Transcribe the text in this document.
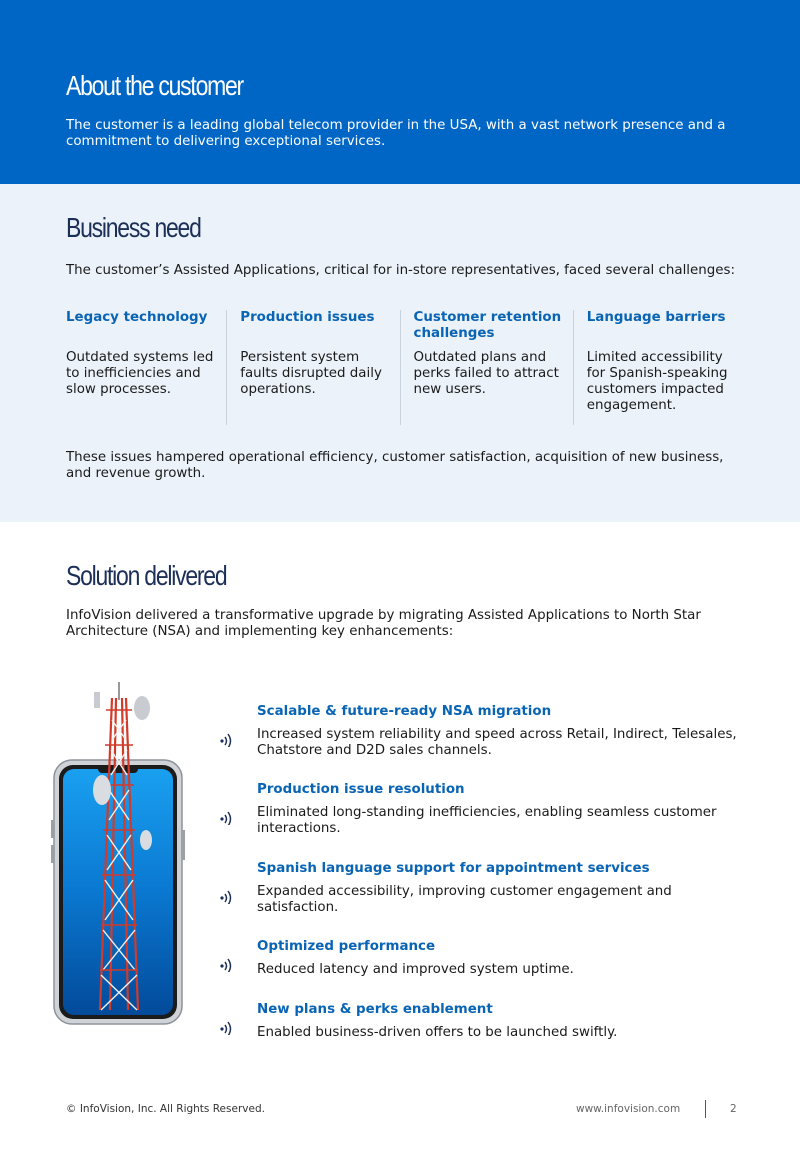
About the customer

The customer is a leading global telecom provider in the USA, with a vast network presence and a commitment to delivering exceptional services.

Business need

The customer’s Assisted Applications, critical for in-store representatives, faced several challenges:

Legacy technology
Outdated systems led to inefficiencies and slow processes.
Production issues
Persistent system faults disrupted daily operations.
Customer retention challenges
Outdated plans and perks failed to attract new users.
Language barriers
Limited accessibility for Spanish-speaking customers impacted engagement.

These issues hampered operational efficiency, customer satisfaction, acquisition of new business, and revenue growth.

Solution delivered

InfoVision delivered a transformative upgrade by migrating Assisted Applications to North Star Architecture (NSA) and implementing key enhancements:

Scalable & future-ready NSA migration
Increased system reliability and speed across Retail, Indirect, Telesales, Chatstore and D2D sales channels.
Production issue resolution
Eliminated long-standing inefficiencies, enabling seamless customer interactions.
Spanish language support for appointment services
Expanded accessibility, improving customer engagement and satisfaction.
Optimized performance
Reduced latency and improved system uptime.
New plans & perks enablement
Enabled business-driven offers to be launched swiftly.
© InfoVision, Inc. All Rights Reserved.	www.infovision.com	2
